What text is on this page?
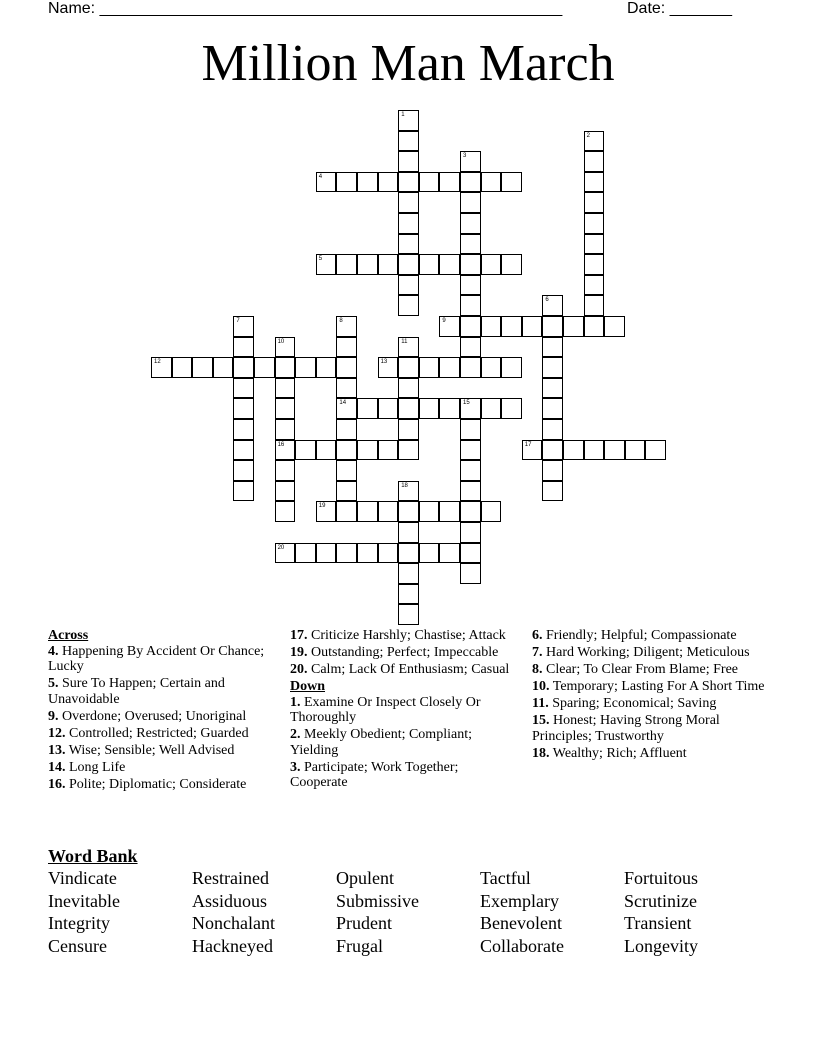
Name: ____________________________________________________	Date: _______
Million Man March
1
2
3
4
5
6
7	8
14
9
10
16
11
12	13
15
17
18
19
20
Across
4. Happening By Accident Or Chance; Lucky
5. Sure To Happen; Certain and Unavoidable
9. Overdone; Overused; Unoriginal
12. Controlled; Restricted; Guarded
13. Wise; Sensible; Well Advised
14. Long Life
16. Polite; Diplomatic; Considerate
17. Criticize Harshly; Chastise; Attack
19. Outstanding; Perfect; Impeccable
20. Calm; Lack Of Enthusiasm; Casual
Down
1. Examine Or Inspect Closely Or Thoroughly
2. Meekly Obedient; Compliant; Yielding
3. Participate; Work Together; Cooperate
6. Friendly; Helpful; Compassionate
7. Hard Working; Diligent; Meticulous
8. Clear; To Clear From Blame; Free
10. Temporary; Lasting For A Short Time
11. Sparing; Economical; Saving
15. Honest; Having Strong Moral Principles; Trustworthy
18. Wealthy; Rich; Affluent
Word Bank
Vindicate	Restrained	Opulent	Tactful	Fortuitous
Inevitable	Assiduous	Submissive	Exemplary	Scrutinize
Integrity	Nonchalant	Prudent	Benevolent	Transient
Censure	Hackneyed	Frugal	Collaborate	Longevity
